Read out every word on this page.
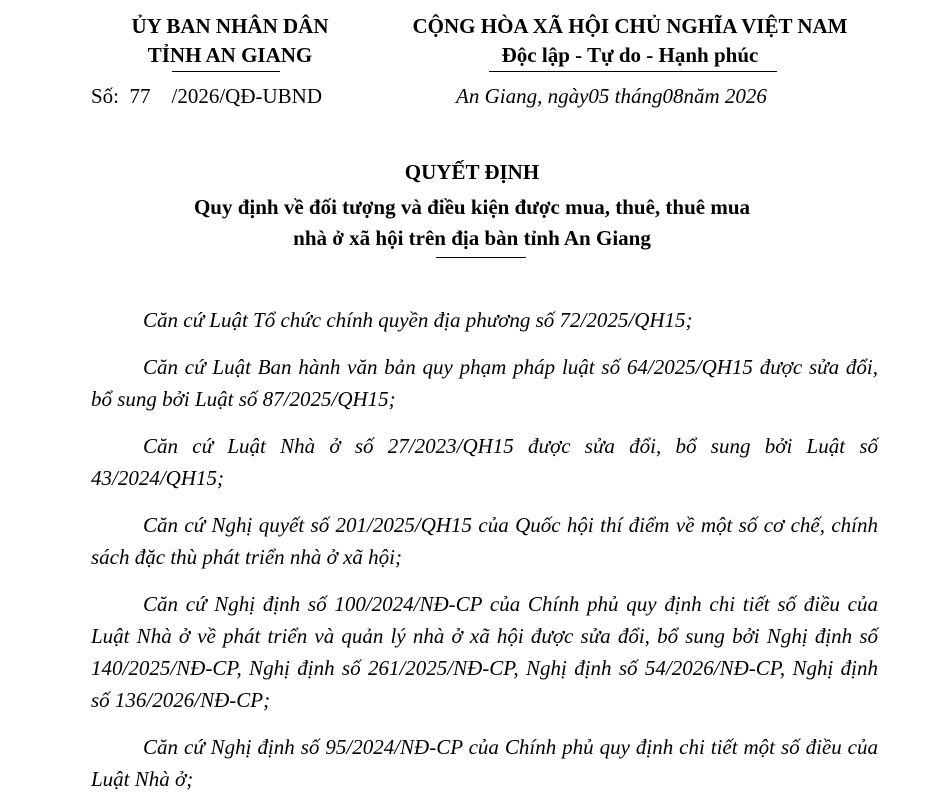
ỦY BAN NHÂN DÂN
TỈNH AN GIANG
CỘNG HÒA XÃ HỘI CHỦ NGHĨA VIỆT NAM
Độc lập - Tự do - Hạnh phúc
Số:  77    /2026/QĐ-UBND	An Giang, ngày05 tháng08năm 2026
QUYẾT ĐỊNH
Quy định về đối tượng và điều kiện được mua, thuê, thuê mua
nhà ở xã hội trên địa bàn tỉnh An Giang

Căn cứ Luật Tổ chức chính quyền địa phương số 72/2025/QH15;

Căn cứ Luật Ban hành văn bản quy phạm pháp luật số 64/2025/QH15 được sửa đổi, bổ sung bởi Luật số 87/2025/QH15;

Căn cứ Luật Nhà ở số 27/2023/QH15 được sửa đổi, bổ sung bởi Luật số 43/2024/QH15;

Căn cứ Nghị quyết số 201/2025/QH15 của Quốc hội thí điểm về một số cơ chế, chính sách đặc thù phát triển nhà ở xã hội;

Căn cứ Nghị định số 100/2024/NĐ-CP của Chính phủ quy định chi tiết số điều của Luật Nhà ở về phát triển và quản lý nhà ở xã hội được sửa đổi, bổ sung bởi Nghị định số 140/2025/NĐ-CP, Nghị định số 261/2025/NĐ-CP, Nghị định số 54/2026/NĐ-CP, Nghị định số 136/2026/NĐ-CP;

Căn cứ Nghị định số 95/2024/NĐ-CP của Chính phủ quy định chi tiết một số điều của Luật Nhà ở;
